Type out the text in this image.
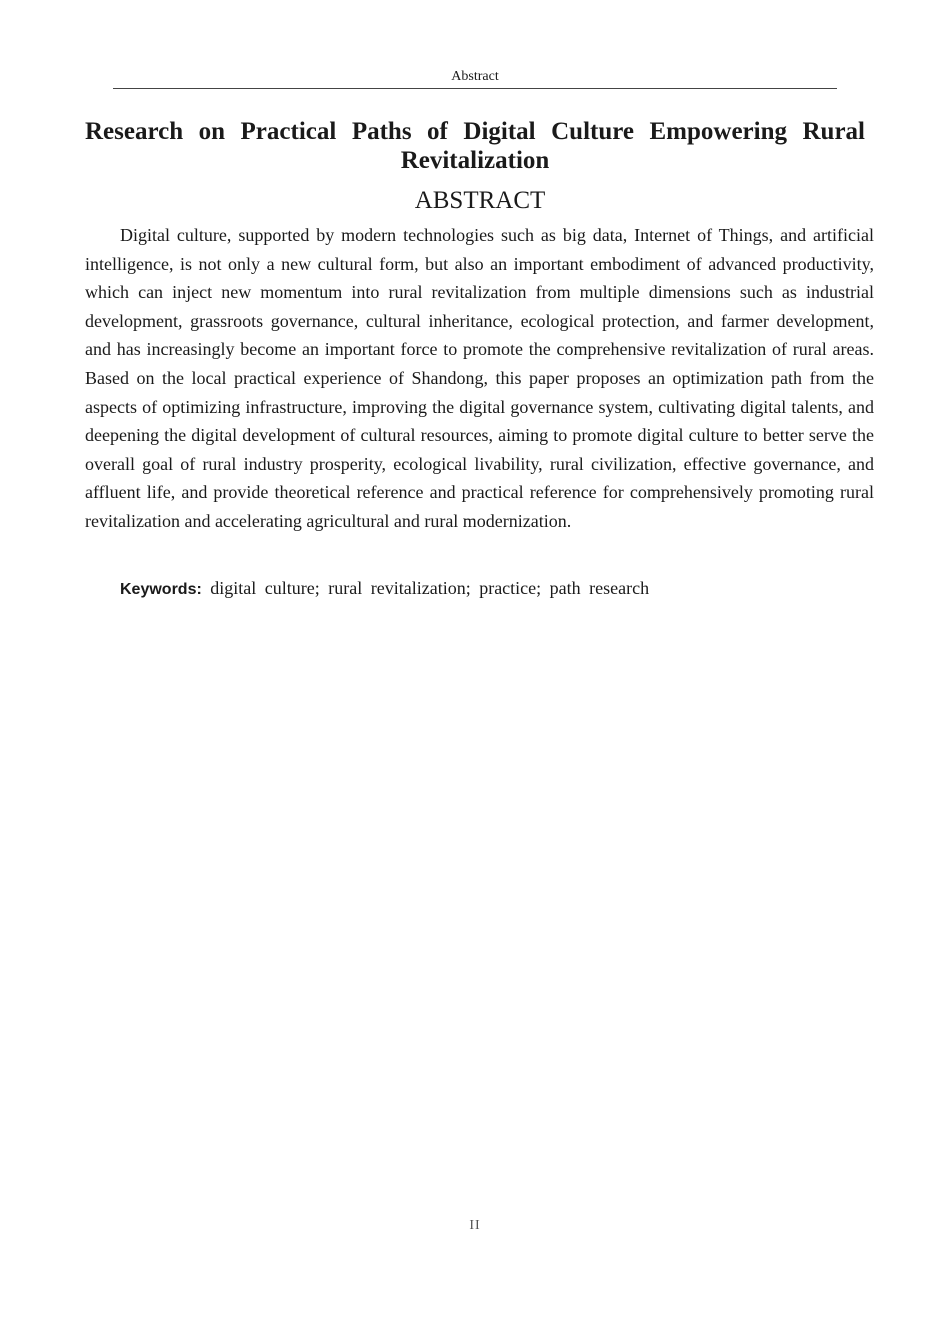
Abstract
Research on Practical Paths of Digital Culture Empowering Rural Revitalization
ABSTRACT

Digital culture, supported by modern technologies such as big data, Internet of Things, and artificial intelligence, is not only a new cultural form, but also an important embodiment of advanced productivity, which can inject new momentum into rural revitalization from multiple dimensions such as industrial development, grassroots governance, cultural inheritance, ecological protection, and farmer development, and has increasingly become an important force to promote the comprehensive revitalization of rural areas. Based on the local practical experience of Shandong, this paper proposes an optimization path from the aspects of optimizing infrastructure, improving the digital governance system, cultivating digital talents, and deepening the digital development of cultural resources, aiming to promote digital culture to better serve the overall goal of rural industry prosperity, ecological livability, rural civilization, effective governance, and affluent life, and provide theoretical reference and practical reference for comprehensively promoting rural revitalization and accelerating agricultural and rural modernization.

Keywords: digital culture; rural revitalization; practice; path research

II
